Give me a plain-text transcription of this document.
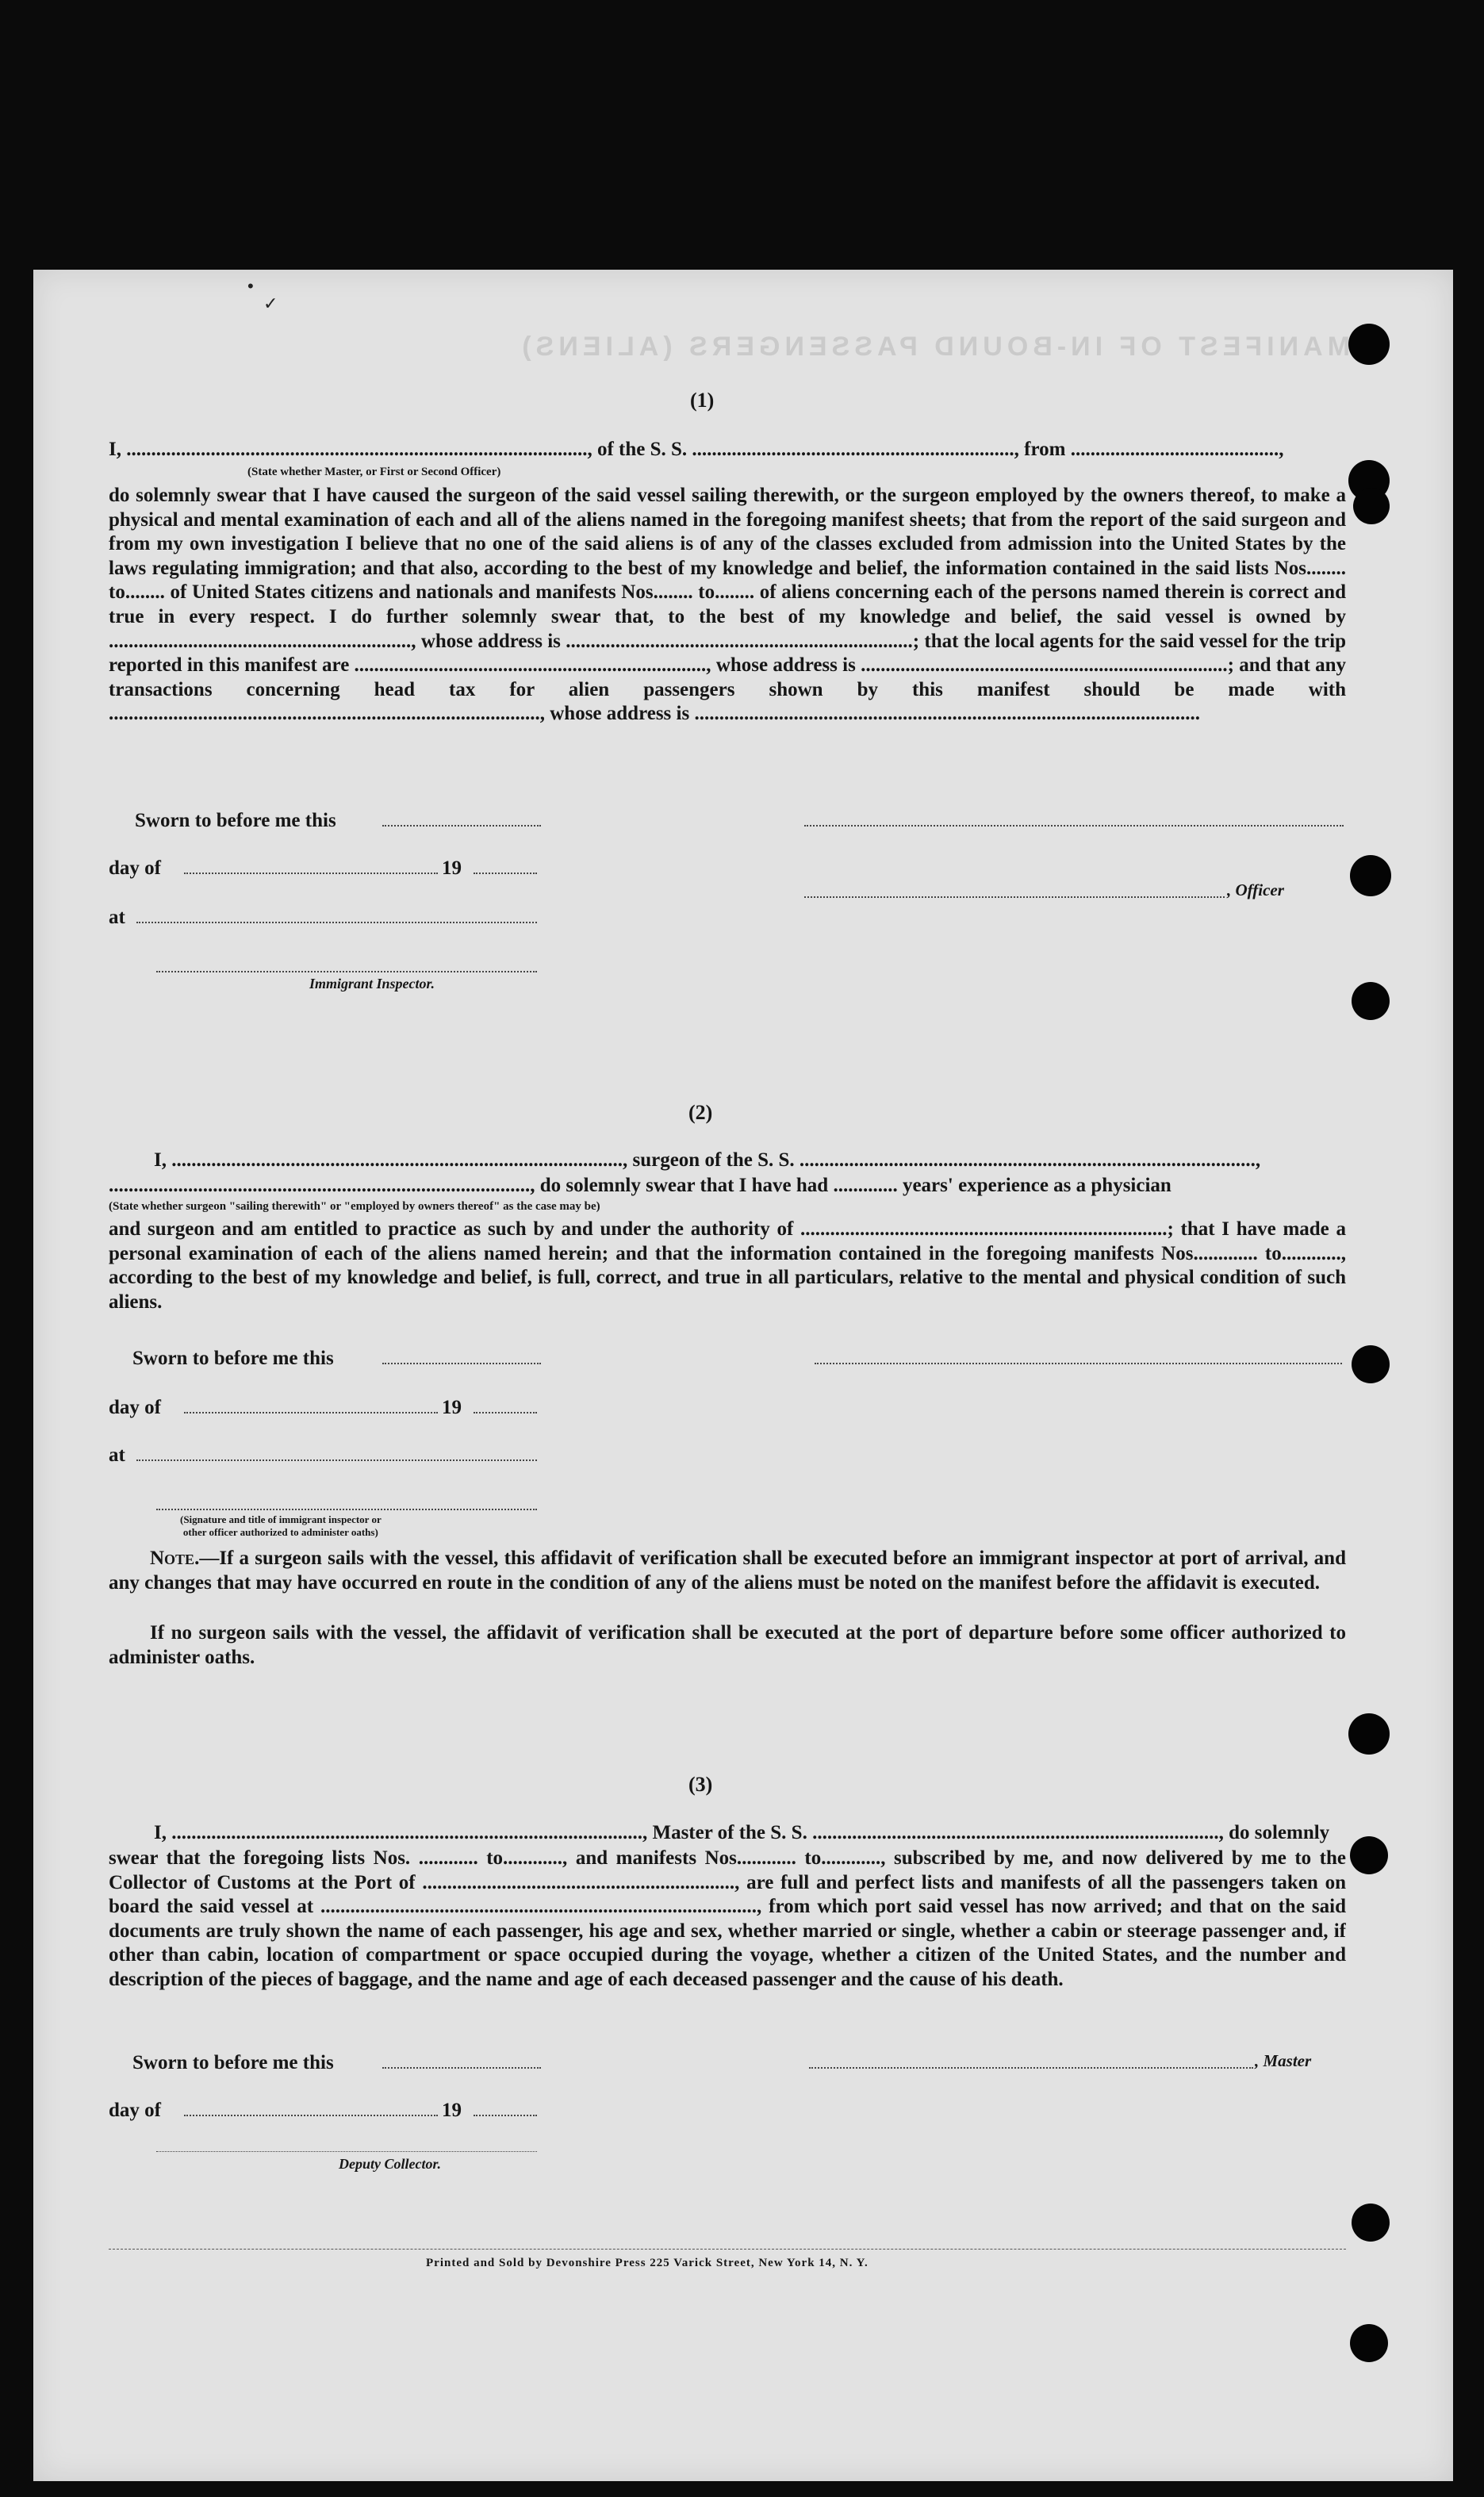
MANIFEST OF IN-BOUND PASSENGERS (ALIENS)
•
✓
(1)
I, ............................................................................................., of the S. S. ................................................................., from ..........................................,
(State whether Master, or First or Second Officer)
do solemnly swear that I have caused the surgeon of the said vessel sailing therewith, or the surgeon employed by the owners thereof, to make a physical and mental examination of each and all of the aliens named in the foregoing manifest sheets; that from the report of the said surgeon and from my own investigation I believe that no one of the said aliens is of any of the classes excluded from admission into the United States by the laws regulating immigration; and that also, according to the best of my knowledge and belief, the information contained in the said lists Nos........ to........ of United States citizens and nationals and manifests Nos........ to........ of aliens concerning each of the persons named therein is correct and true in every respect. I do further solemnly swear that, to the best of my knowledge and belief, the said vessel is owned by ............................................................., whose address is ......................................................................; that the local agents for the said vessel for the trip reported in this manifest are ......................................................................., whose address is ..........................................................................; and that any transactions concerning head tax for alien passengers shown by this manifest should be made with ......................................................................................., whose address is ......................................................................................................
Sworn to before me this
day of	19
, Officer
at
Immigrant Inspector.
(2)
I, ..........................................................................................., surgeon of the S. S. ............................................................................................,
....................................................................................., do solemnly swear that I have had ............. years' experience as a physician
(State whether surgeon "sailing therewith" or "employed by owners thereof" as the case may be)
and surgeon and am entitled to practice as such by and under the authority of ..........................................................................; that I have made a personal examination of each of the aliens named herein; and that the information contained in the foregoing manifests Nos............. to............, according to the best of my knowledge and belief, is full, correct, and true in all particulars, relative to the mental and physical condition of such aliens.
Sworn to before me this
day of	19
at
(Signature and title of immigrant inspector or
other officer authorized to administer oaths)
Note.—If a surgeon sails with the vessel, this affidavit of verification shall be executed before an immigrant inspector at port of arrival, and any changes that may have occurred en route in the condition of any of the aliens must be noted on the manifest before the affidavit is executed.
If no surgeon sails with the vessel, the affidavit of verification shall be executed at the port of departure before some officer authorized to administer oaths.
(3)
I, ..............................................................................................., Master of the S. S. .................................................................................., do solemnly
swear that the foregoing lists Nos. ............ to............, and manifests Nos............ to............, subscribed by me, and now delivered by me to the Collector of Customs at the Port of ..............................................................., are full and perfect lists and manifests of all the passengers taken on board the said vessel at ........................................................................................, from which port said vessel has now arrived; and that on the said documents are truly shown the name of each passenger, his age and sex, whether married or single, whether a cabin or steerage passenger and, if other than cabin, location of compartment or space occupied during the voyage, whether a citizen of the United States, and the number and description of the pieces of baggage, and the name and age of each deceased passenger and the cause of his death.
Sworn to before me this	, Master
day of	19
Deputy Collector.
Printed and Sold by Devonshire Press 225 Varick Street, New York 14, N. Y.
